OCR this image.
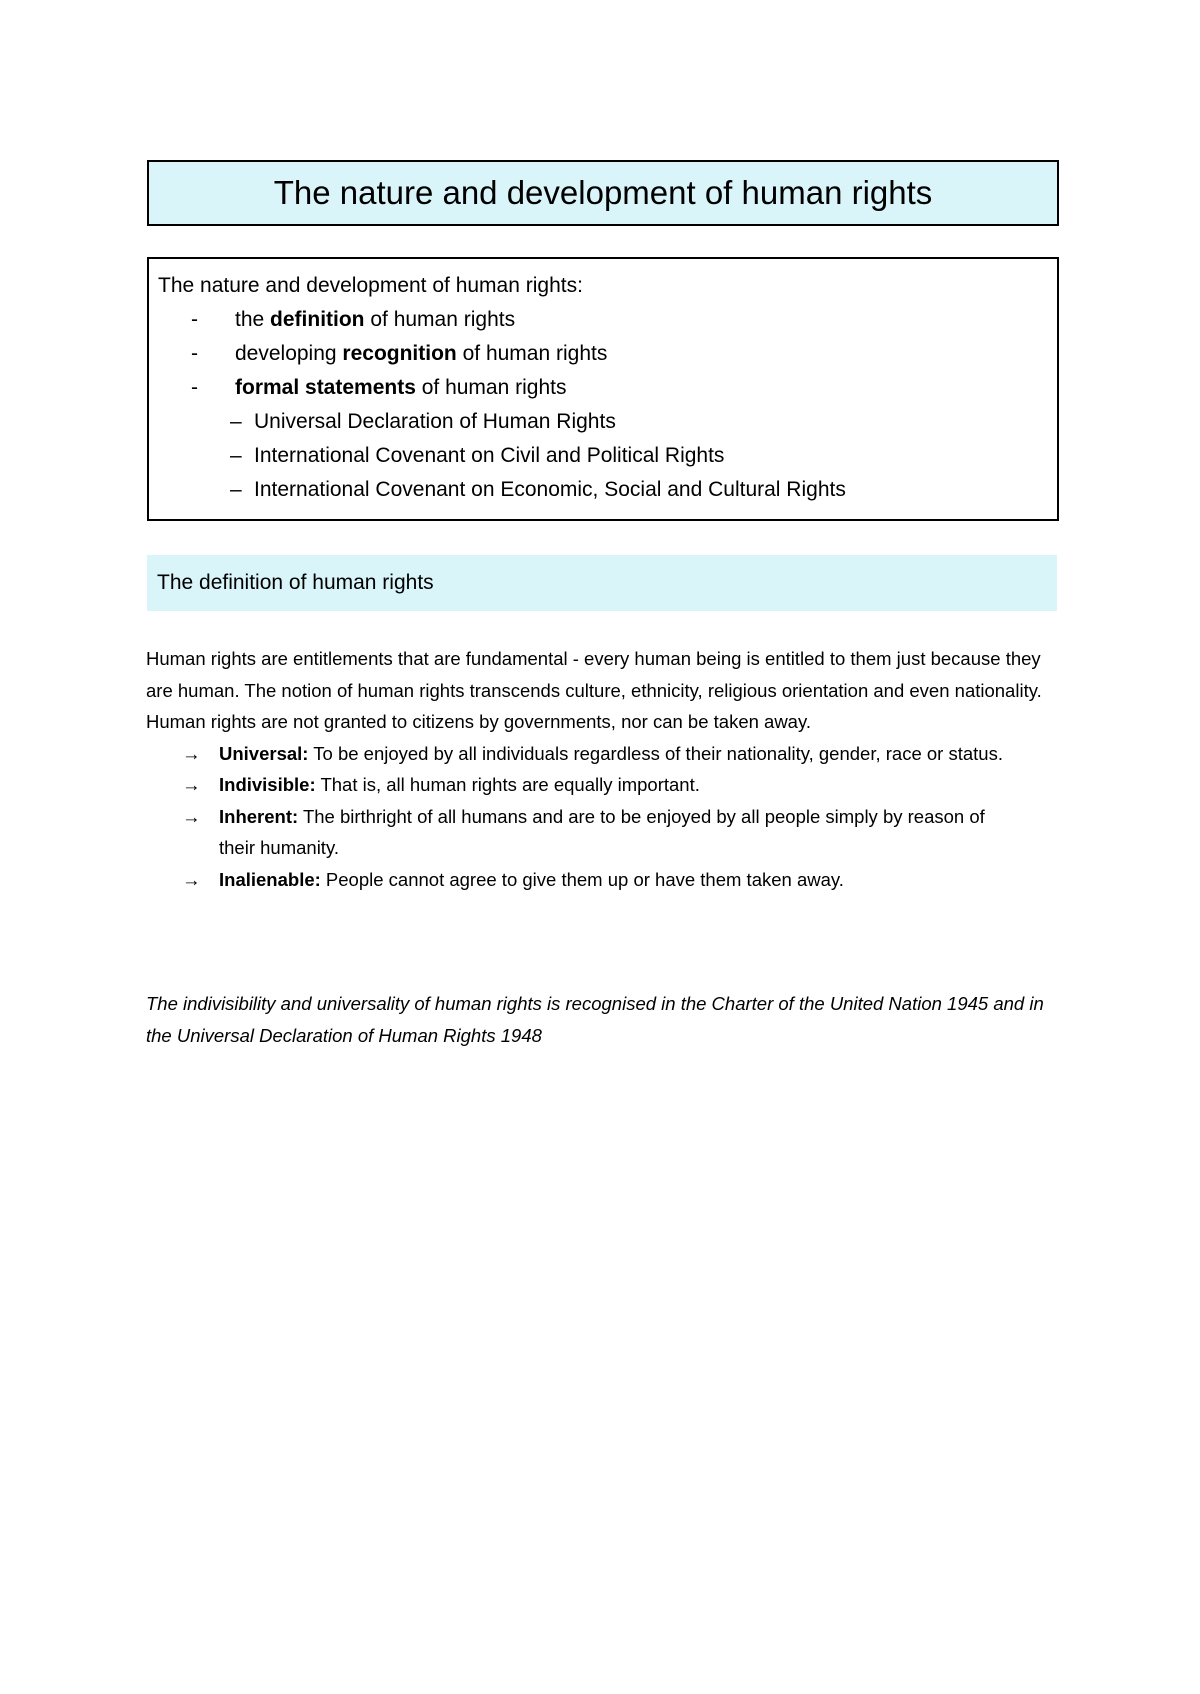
The nature and development of human rights
The nature and development of human rights:
-	the definition of human rights
-	developing recognition of human rights
-	formal statements of human rights
– Universal Declaration of Human Rights
– International Covenant on Civil and Political Rights
– International Covenant on Economic, Social and Cultural Rights
The definition of human rights

Human rights are entitlements that are fundamental - every human being is entitled to them just because they are human. The notion of human rights transcends culture, ethnicity, religious orientation and even nationality. Human rights are not granted to citizens by governments, nor can be taken away.

→	Universal: To be enjoyed by all individuals regardless of their nationality, gender, race or status.
→	Indivisible: That is, all human rights are equally important.
→	Inherent: The birthright of all humans and are to be enjoyed by all people simply by reason of their humanity.
→	Inalienable: People cannot agree to give them up or have them taken away.

The indivisibility and universality of human rights is recognised in the Charter of the United Nation 1945 and in the Universal Declaration of Human Rights 1948
